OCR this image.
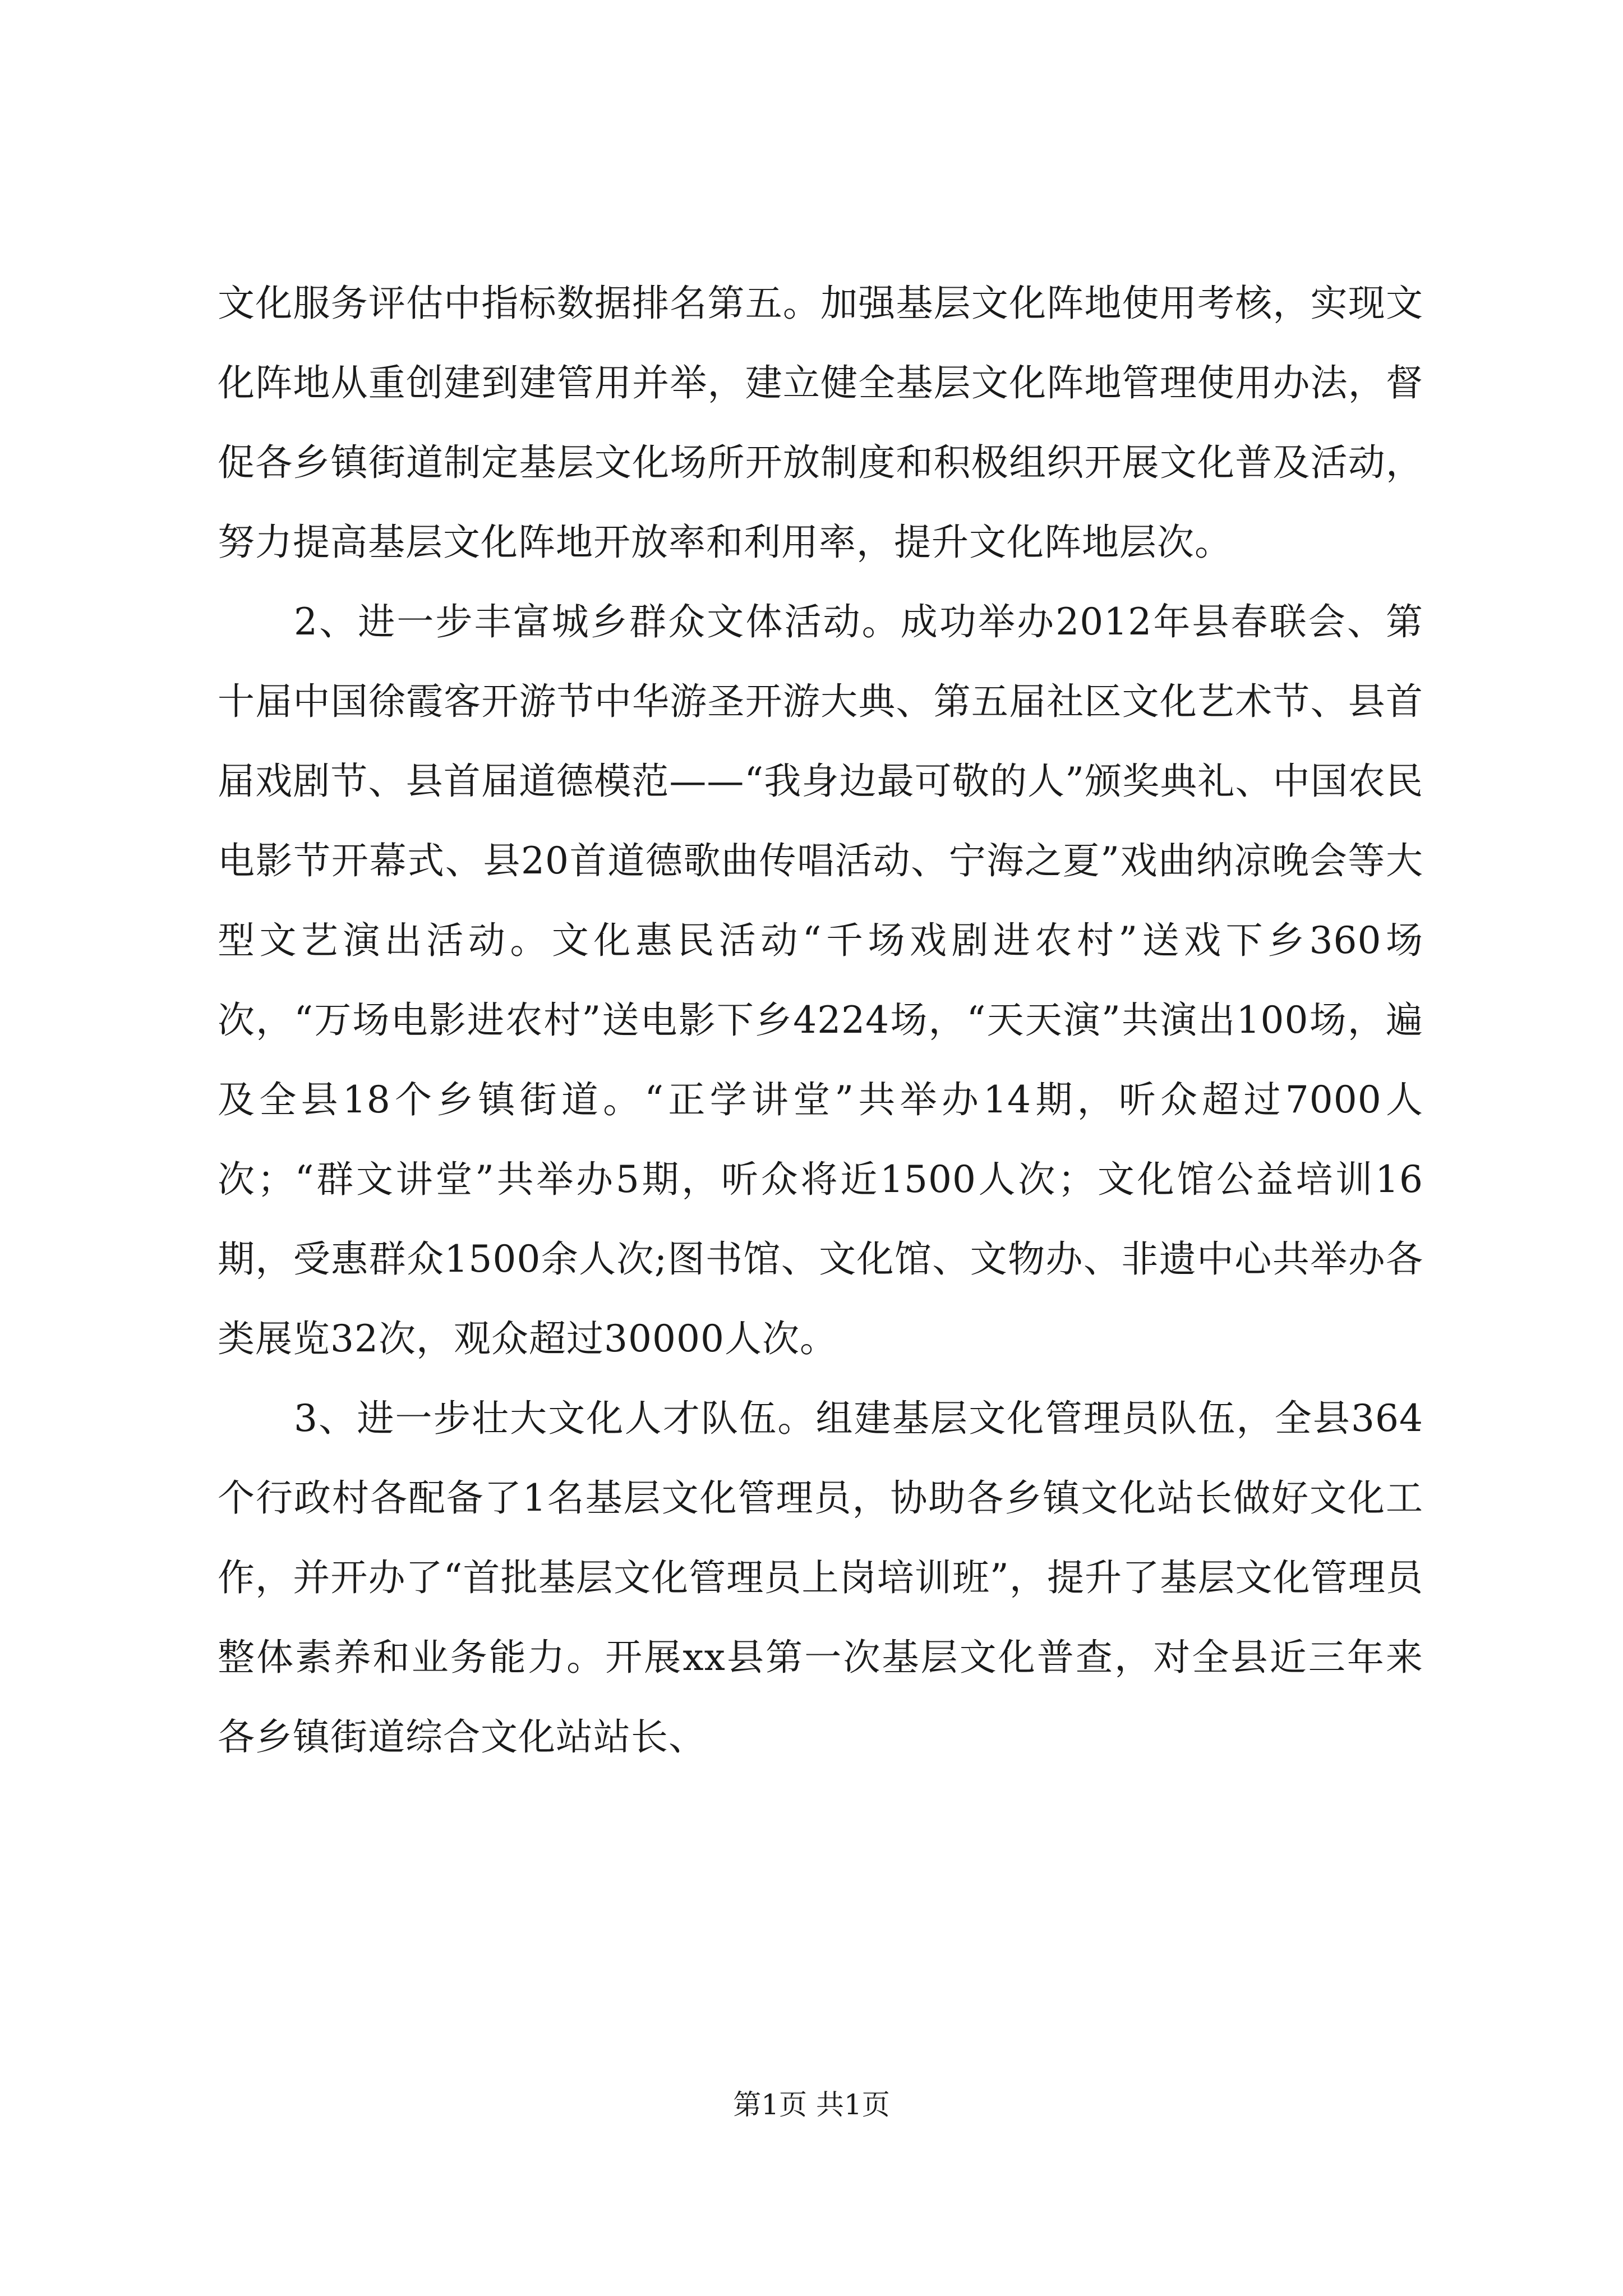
文化服务评估中指标数据排名第五。加强基层文化阵地使用考核，实现文化阵地从重创建到建管用并举，建立健全基层文化阵地管理使用办法，督促各乡镇街道制定基层文化场所开放制度和积极组织开展文化普及活动，努力提高基层文化阵地开放率和利用率，提升文化阵地层次。

2、进一步丰富城乡群众文体活动。成功举办2012年县春联会、第十届中国徐霞客开游节中华游圣开游大典、第五届社区文化艺术节、县首届戏剧节、县首届道德模范——“我身边最可敬的人”颁奖典礼、中国农民电影节开幕式、县20首道德歌曲传唱活动、宁海之夏”戏曲纳凉晚会等大型文艺演出活动。文化惠民活动“千场戏剧进农村”送戏下乡360场次，“万场电影进农村”送电影下乡4224场，“天天演”共演出100场，遍及全县18个乡镇街道。“正学讲堂”共举办14期，听众超过7000人次；“群文讲堂”共举办5期，听众将近1500人次；文化馆公益培训16期，受惠群众1500余人次;图书馆、文化馆、文物办、非遗中心共举办各类展览32次，观众超过30000人次。

3、进一步壮大文化人才队伍。组建基层文化管理员队伍，全县364个行政村各配备了1名基层文化管理员，协助各乡镇文化站长做好文化工作，并开办了“首批基层文化管理员上岗培训班”，提升了基层文化管理员整体素养和业务能力。开展xx县第一次基层文化普查，对全县近三年来各乡镇街道综合文化站站长、

第1页 共1页
